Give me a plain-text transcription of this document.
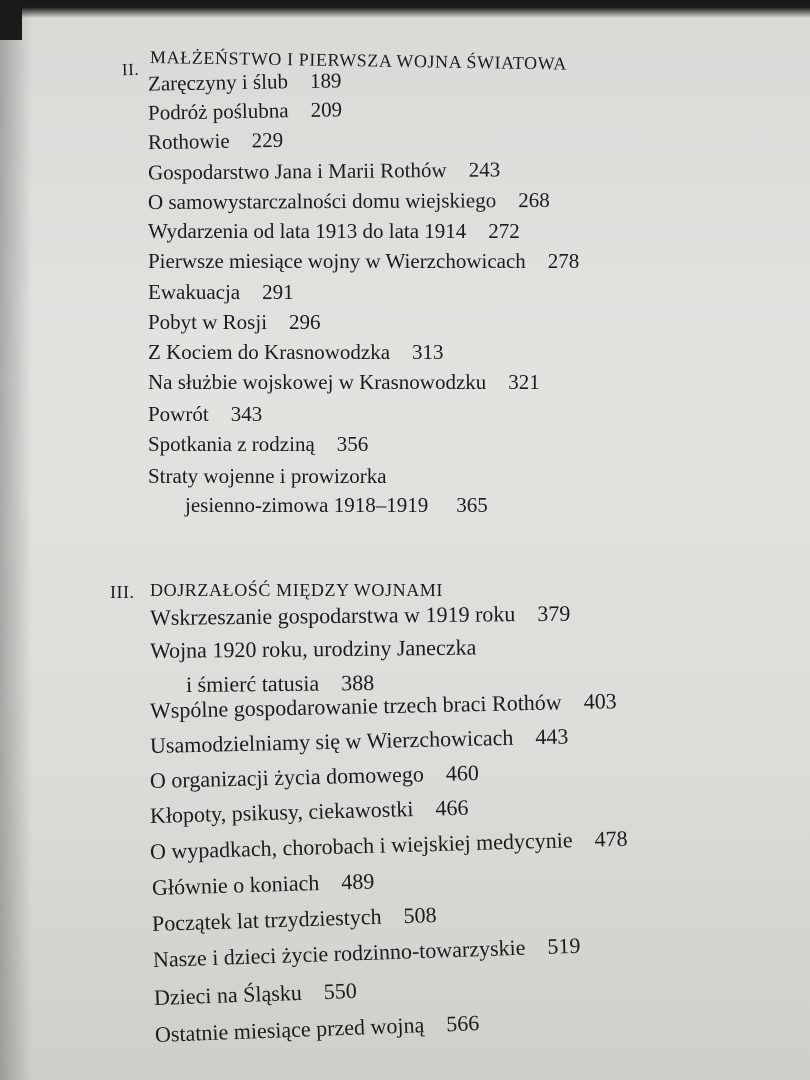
II. MAŁŻEŃSTWO I PIERWSZA WOJNA ŚWIATOWA
Zaręczyny i ślub 189
Podróż poślubna 209
Rothowie 229
Gospodarstwo Jana i Marii Rothów 243
O samowystarczalności domu wiejskiego 268
Wydarzenia od lata 1913 do lata 1914 272
Pierwsze miesiące wojny w Wierzchowicach 278
Ewakuacja 291
Pobyt w Rosji 296
Z Kociem do Krasnowodzka 313
Na służbie wojskowej w Krasnowodzku 321
Powrót 343
Spotkania z rodziną 356
Straty wojenne i prowizorka
jesienno-zimowa 1918–1919 365
III. DOJRZAŁOŚĆ MIĘDZY WOJNAMI
Wskrzeszanie gospodarstwa w 1919 roku 379
Wojna 1920 roku, urodziny Janeczka
i śmierć tatusia 388
Wspólne gospodarowanie trzech braci Rothów 403
Usamodzielniamy się w Wierzchowicach 443
O organizacji życia domowego 460
Kłopoty, psikusy, ciekawostki 466
O wypadkach, chorobach i wiejskiej medycynie 478
Głównie o koniach 489
Początek lat trzydziestych 508
Nasze i dzieci życie rodzinno-towarzyskie 519
Dzieci na Śląsku 550
Ostatnie miesiące przed wojną 566
